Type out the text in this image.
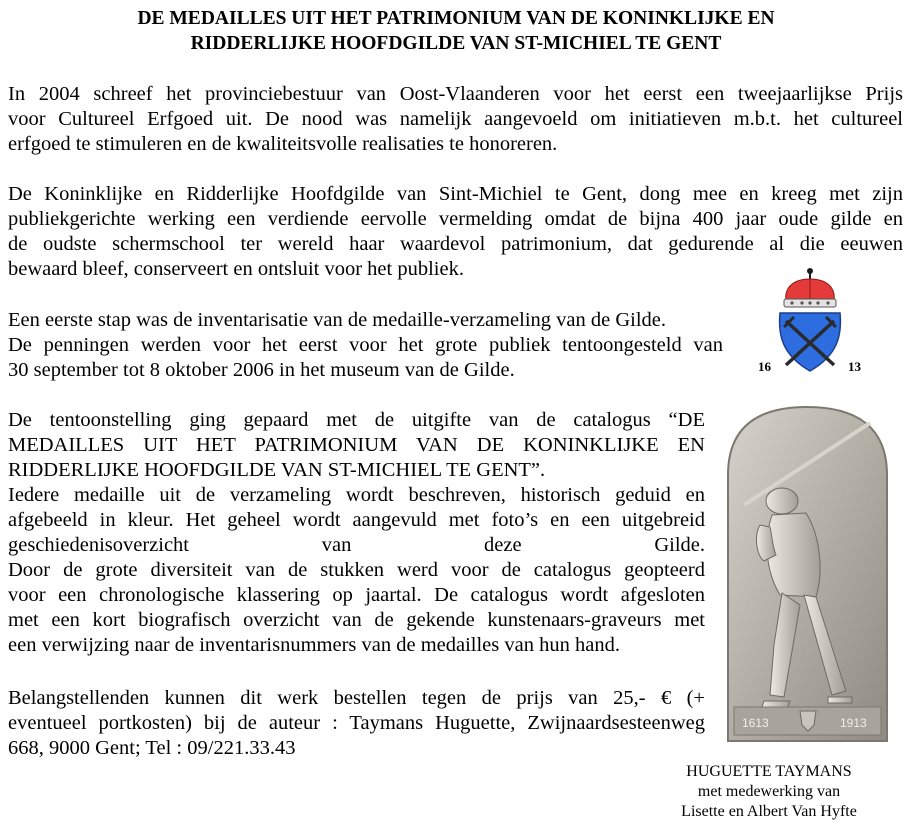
DE MEDAILLES UIT HET PATRIMONIUM VAN DE KONINKLIJKE EN
RIDDERLIJKE HOOFDGILDE VAN ST-MICHIEL TE GENT
In 2004 schreef het provinciebestuur van Oost-Vlaanderen voor het eerst een tweejaarlijkse Prijs
voor Cultureel Erfgoed uit. De nood was namelijk aangevoeld om initiatieven m.b.t. het cultureel
erfgoed te stimuleren en de kwaliteitsvolle realisaties te honoreren.
De Koninklijke en Ridderlijke Hoofdgilde van Sint-Michiel te Gent, dong mee en kreeg met zijn
publiekgerichte werking een verdiende eervolle vermelding omdat de bijna 400 jaar oude gilde en
de oudste schermschool ter wereld haar waardevol patrimonium, dat gedurende al die eeuwen
bewaard bleef, conserveert en ontsluit voor het publiek.
Een eerste stap was de inventarisatie van de medaille-verzameling van de Gilde.
De penningen werden voor het eerst voor het grote publiek tentoongesteld van
30 september tot 8 oktober 2006 in het museum van de Gilde.
De tentoonstelling ging gepaard met de uitgifte van de catalogus “DE
MEDAILLES UIT HET PATRIMONIUM VAN DE KONINKLIJKE EN
RIDDERLIJKE HOOFDGILDE VAN ST-MICHIEL TE GENT”.
Iedere medaille uit de verzameling wordt beschreven, historisch geduid en
afgebeeld in kleur. Het geheel wordt aangevuld met foto’s en een uitgebreid
geschiedenisoverzicht van deze Gilde.
Door de grote diversiteit van de stukken werd voor de catalogus geopteerd
voor een chronologische klassering op jaartal. De catalogus wordt afgesloten
met een kort biografisch overzicht van de gekende kunstenaars-graveurs met
een verwijzing naar de inventarisnummers van de medailles van hun hand.
Belangstellenden kunnen dit werk bestellen tegen de prijs van 25,- € (+
eventueel portkosten) bij de auteur : Taymans Huguette, Zwijnaardsesteenweg
668, 9000 Gent; Tel : 09/221.33.43
16	13
1613	1913
HUGUETTE TAYMANS
met medewerking van
Lisette en Albert Van Hyfte
